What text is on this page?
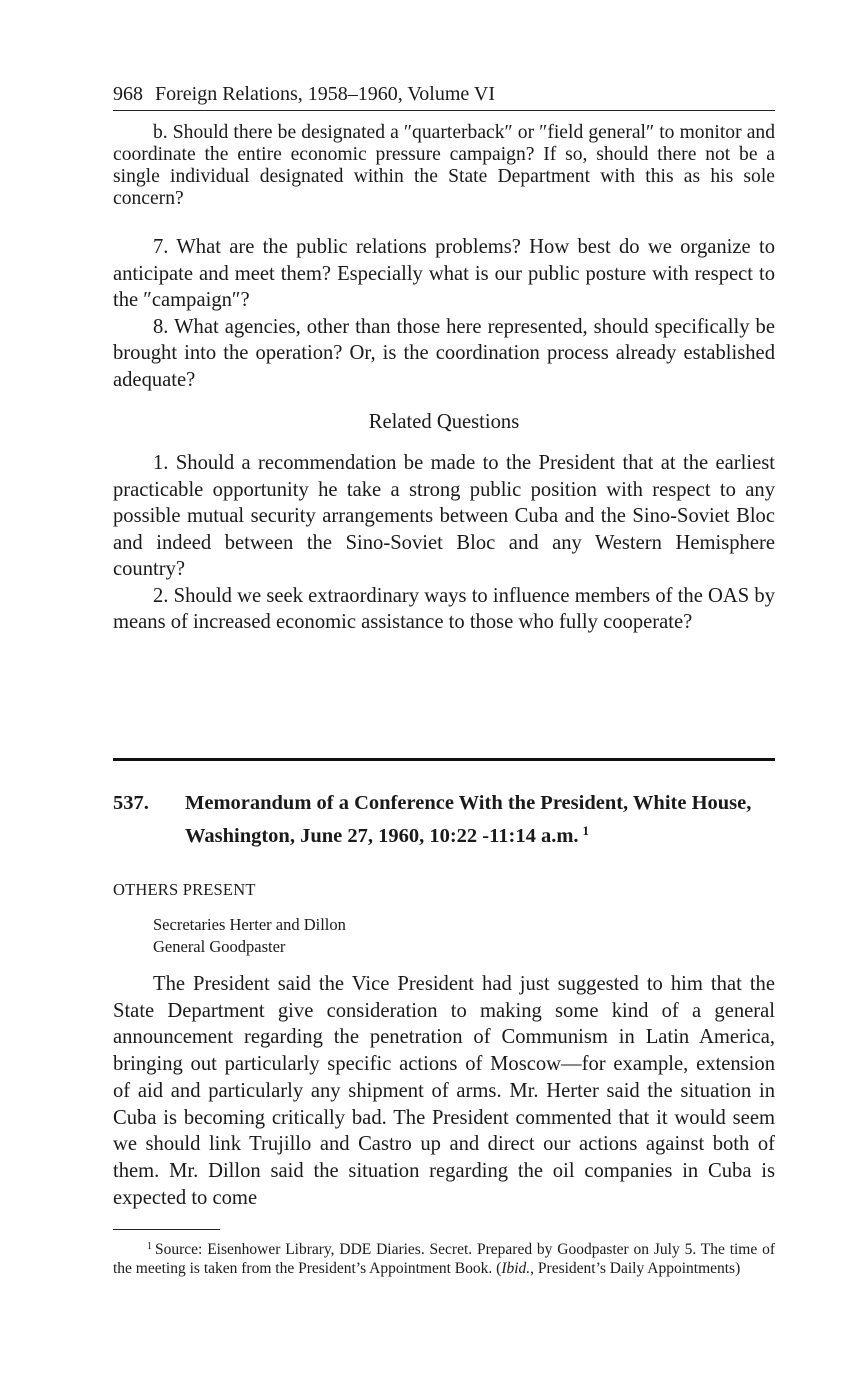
968 Foreign Relations, 1958–1960, Volume VI

b. Should there be designated a ″quarterback″ or ″field general″ to monitor and coordinate the entire economic pressure campaign? If so, should there not be a single individual designated within the State Department with this as his sole concern?

7. What are the public relations problems? How best do we organize to anticipate and meet them? Especially what is our public posture with respect to the ″campaign″?

8. What agencies, other than those here represented, should specifically be brought into the operation? Or, is the coordination process already established adequate?

Related Questions

1. Should a recommendation be made to the President that at the earliest practicable opportunity he take a strong public position with respect to any possible mutual security arrangements between Cuba and the Sino-Soviet Bloc and indeed between the Sino-Soviet Bloc and any Western Hemisphere country?

2. Should we seek extraordinary ways to influence members of the OAS by means of increased economic assistance to those who fully cooperate?

537. Memorandum of a Conference With the President, White House, Washington, June 27, 1960, 10:22 -11:14 a.m. $^1$
OTHERS PRESENT
Secretaries Herter and Dillon
General Goodpaster

The President said the Vice President had just suggested to him that the State Department give consideration to making some kind of a general announcement regarding the penetration of Communism in Latin America, bringing out particularly specific actions of Moscow—for example, extension of aid and particularly any shipment of arms. Mr. Herter said the situation in Cuba is becoming critically bad. The President commented that it would seem we should link Trujillo and Castro up and direct our actions against both of them. Mr. Dillon said the situation regarding the oil companies in Cuba is expected to come

$^1$ Source: Eisenhower Library, DDE Diaries. Secret. Prepared by Goodpaster on July 5. The time of the meeting is taken from the President’s Appointment Book. (Ibid., President’s Daily Appointments)
